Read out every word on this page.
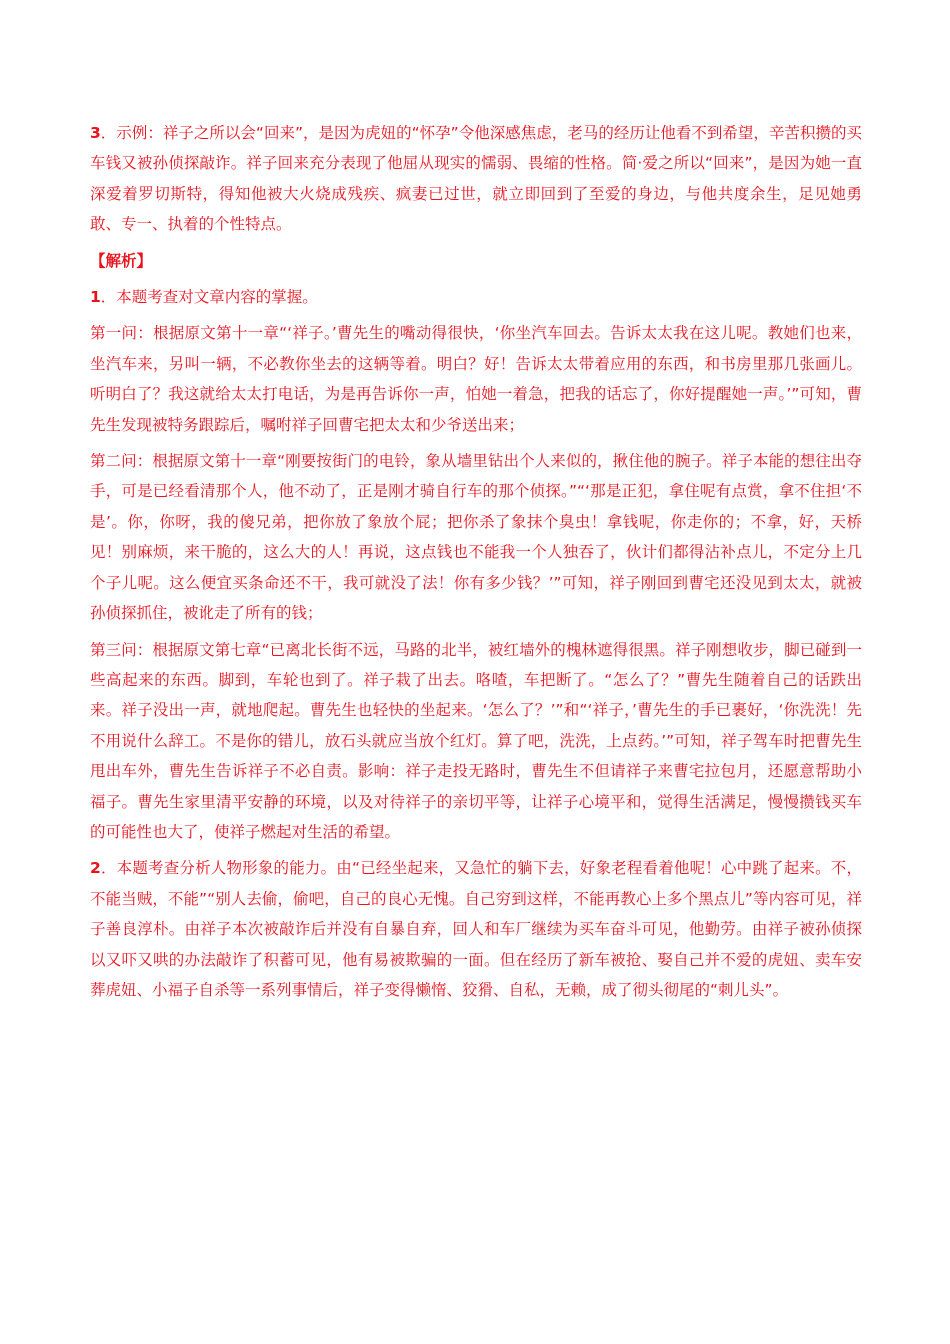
3．示例：祥子之所以会“回来”，是因为虎妞的“怀孕”令他深感焦虑，老马的经历让他看不到希望，辛苦积攒的买车钱又被孙侦探敲诈。祥子回来充分表现了他屈从现实的懦弱、畏缩的性格。简·爱之所以“回来”，是因为她一直深爱着罗切斯特，得知他被大火烧成残疾、疯妻已过世，就立即回到了至爱的身边，与他共度余生，足见她勇敢、专一、执着的个性特点。

【解析】

1．本题考查对文章内容的掌握。

第一问：根据原文第十一章“‘祥子。’曹先生的嘴动得很快，‘你坐汽车回去。告诉太太我在这儿呢。教她们也来，坐汽车来，另叫一辆，不必教你坐去的这辆等着。明白？好！告诉太太带着应用的东西，和书房里那几张画儿。听明白了？我这就给太太打电话，为是再告诉你一声，怕她一着急，把我的话忘了，你好提醒她一声。’”可知，曹先生发现被特务跟踪后，嘱咐祥子回曹宅把太太和少爷送出来；

第二问：根据原文第十一章“刚要按街门的电铃，象从墙里钻出个人来似的，揪住他的腕子。祥子本能的想往出夺手，可是已经看清那个人，他不动了，正是刚才骑自行车的那个侦探。”“‘那是正犯，拿住呢有点赏，拿不住担‘不是’。你，你呀，我的傻兄弟，把你放了象放个屁；把你杀了象抹个臭虫！拿钱呢，你走你的；不拿，好，天桥见！别麻烦，来干脆的，这么大的人！再说，这点钱也不能我一个人独吞了，伙计们都得沾补点儿，不定分上几个子儿呢。这么便宜买条命还不干，我可就没了法！你有多少钱？’”可知，祥子刚回到曹宅还没见到太太，就被孙侦探抓住，被讹走了所有的钱；

第三问：根据原文第七章“已离北长街不远，马路的北半，被红墙外的槐林遮得很黑。祥子刚想收步，脚已碰到一些高起来的东西。脚到，车轮也到了。祥子栽了出去。咯喳，车把断了。“怎么了？”曹先生随着自己的话跌出来。祥子没出一声，就地爬起。曹先生也轻快的坐起来。‘怎么了？’”和“‘祥子，’曹先生的手已裹好，‘你洗洗！先不用说什么辞工。不是你的错儿，放石头就应当放个红灯。算了吧，洗洗，上点药。’”可知，祥子驾车时把曹先生甩出车外，曹先生告诉祥子不必自责。影响：祥子走投无路时，曹先生不但请祥子来曹宅拉包月，还愿意帮助小福子。曹先生家里清平安静的环境，以及对待祥子的亲切平等，让祥子心境平和，觉得生活满足，慢慢攒钱买车的可能性也大了，使祥子燃起对生活的希望。

2．本题考查分析人物形象的能力。由“已经坐起来，又急忙的躺下去，好象老程看着他呢！心中跳了起来。不，不能当贼，不能”“别人去偷，偷吧，自己的良心无愧。自己穷到这样，不能再教心上多个黑点儿”等内容可见，祥子善良淳朴。由祥子本次被敲诈后并没有自暴自弃，回人和车厂继续为买车奋斗可见，他勤劳。由祥子被孙侦探以又吓又哄的办法敲诈了积蓄可见，他有易被欺骗的一面。但在经历了新车被抢、娶自己并不爱的虎妞、卖车安葬虎妞、小福子自杀等一系列事情后，祥子变得懒惰、狡猾、自私，无赖，成了彻头彻尾的“刺儿头”。
